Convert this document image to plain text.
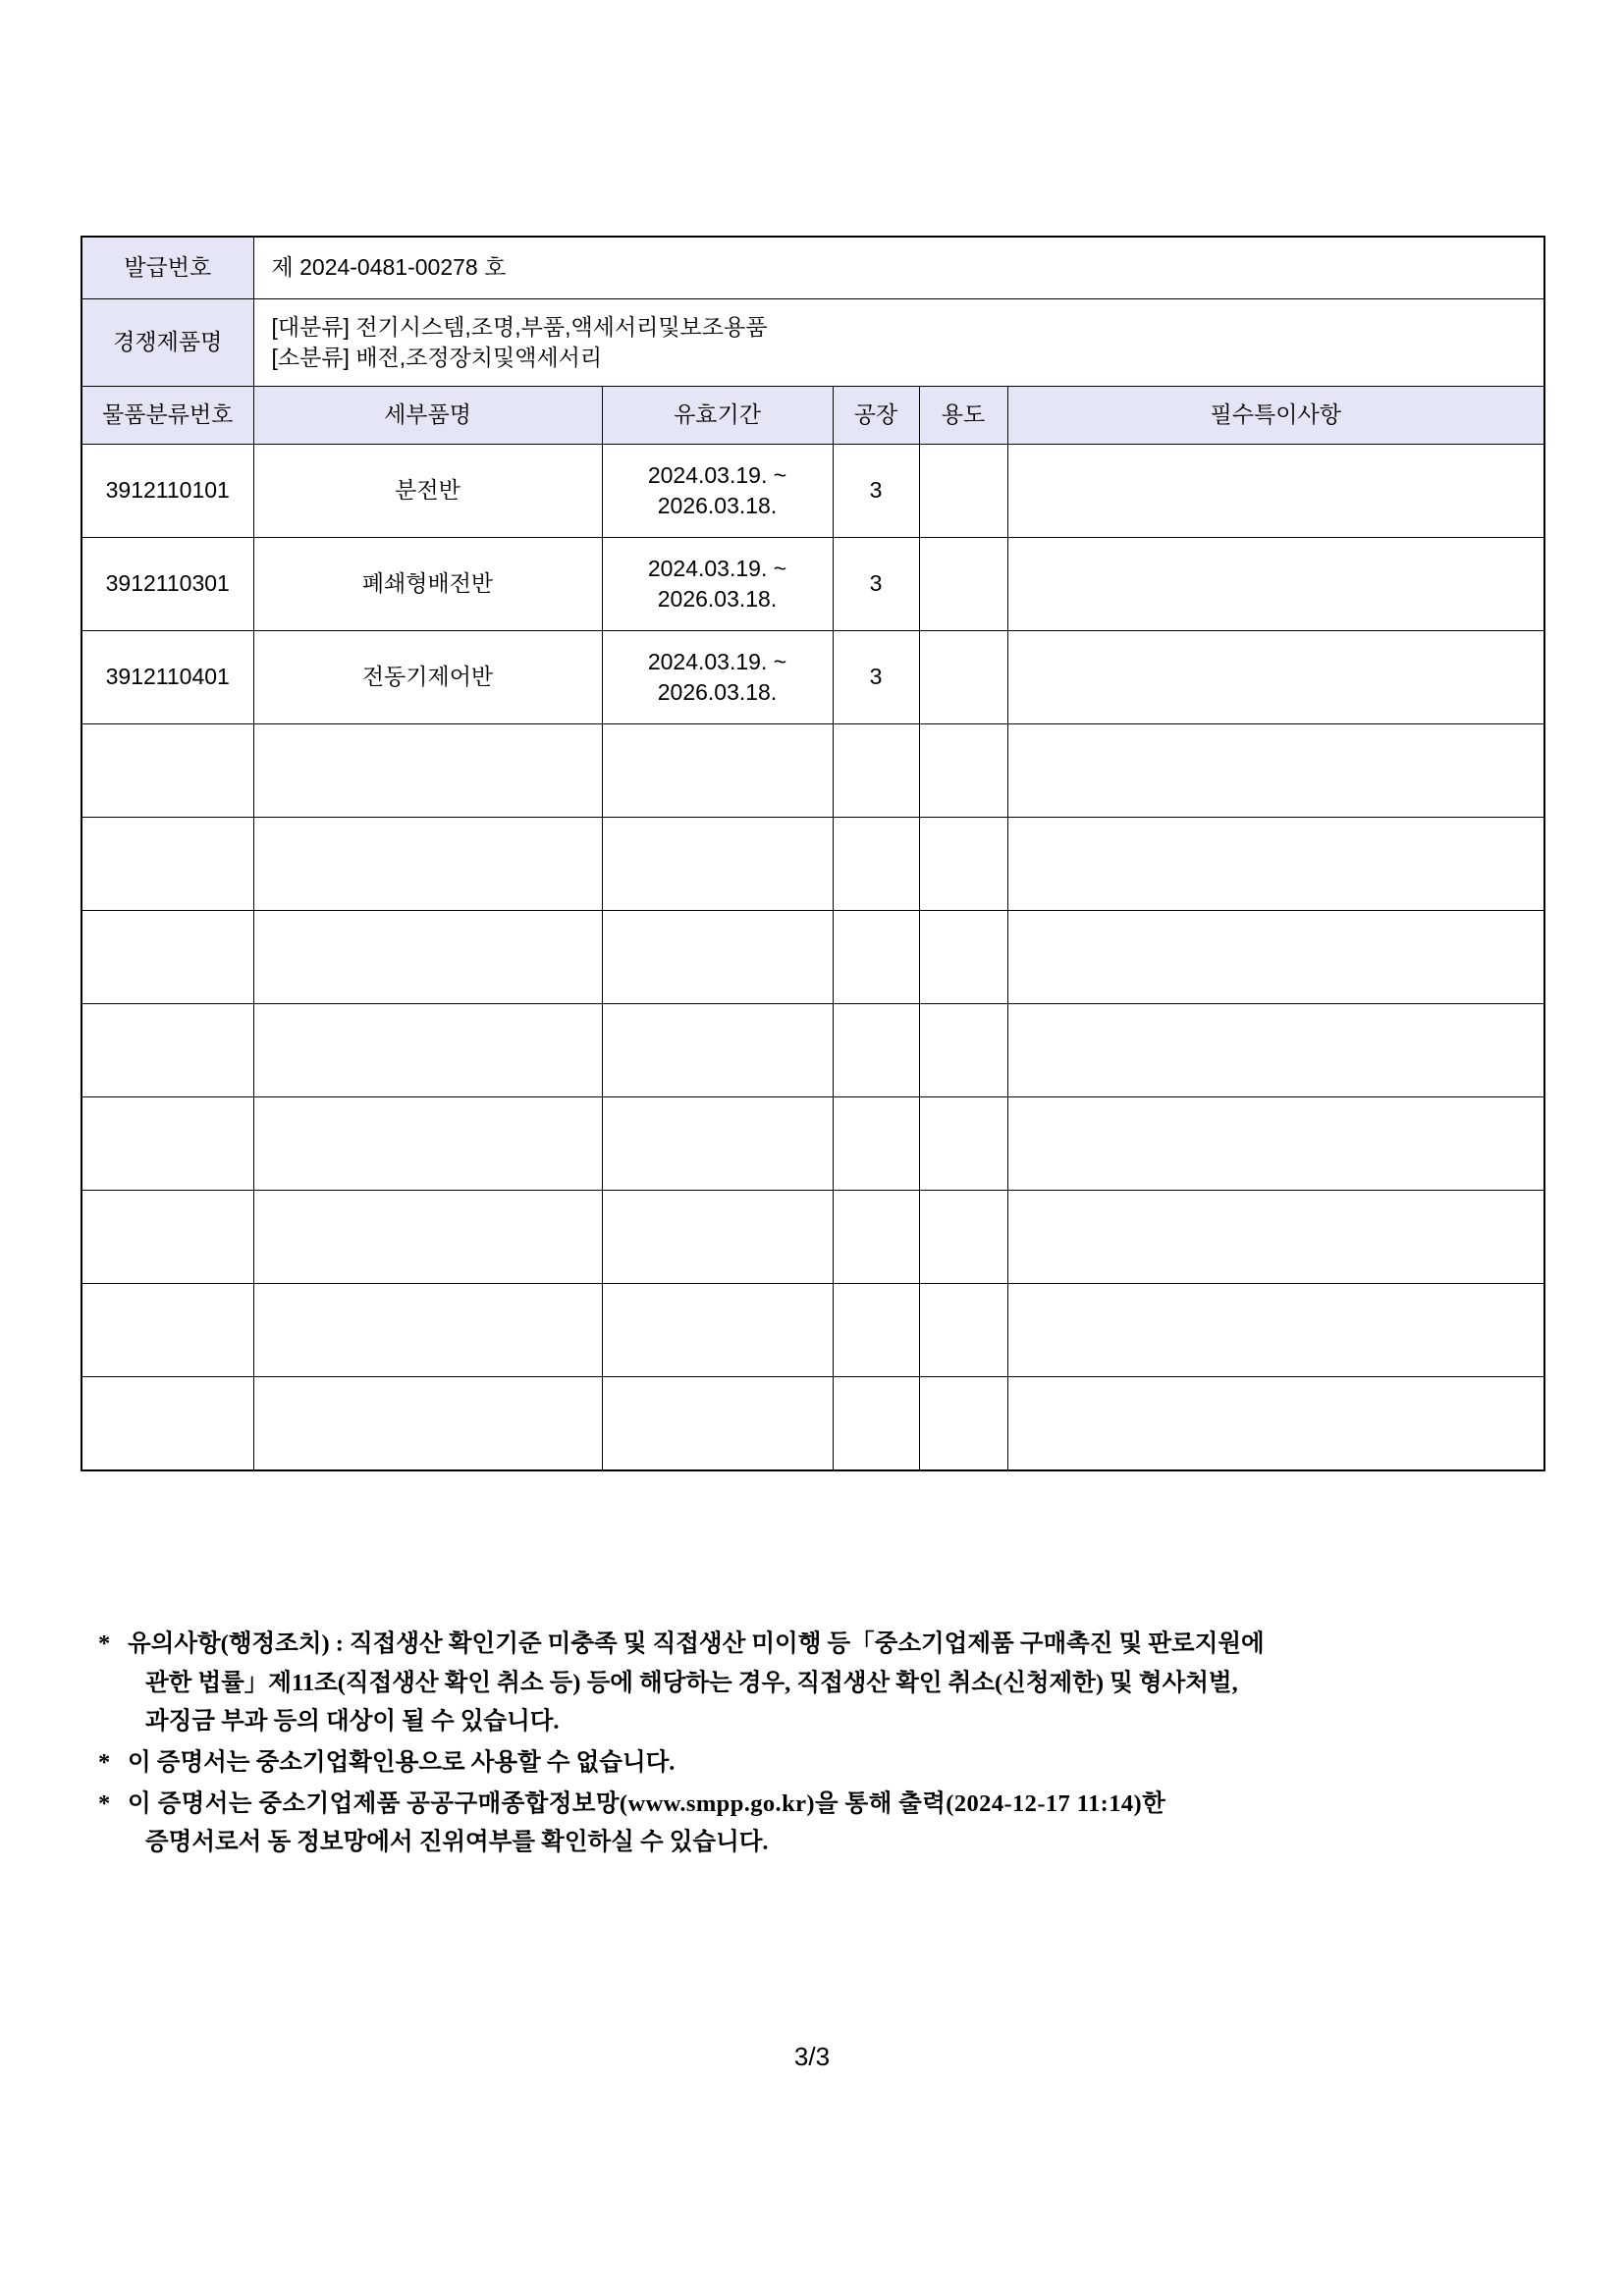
발급번호	제 2024-0481-00278 호				
경쟁제품명	[대분류] 전기시스템,조명,부품,액세서리및보조용품
[소분류] 배전,조정장치및액세서리				

물품분류번호	세부품명	유효기간	공장	용도	필수특이사항
3912110101	분전반	2024.03.19. ~ 2026.03.18.	3		
3912110301	폐쇄형배전반	2024.03.19. ~ 2026.03.18.	3		
3912110401	전동기제어반	2024.03.19. ~ 2026.03.18.	3		

* 유의사항(행정조치) : 직접생산 확인기준 미충족 및 직접생산 미이행 등「중소기업제품 구매촉진 및 판로지원에
관한 법률」제11조(직접생산 확인 취소 등) 등에 해당하는 경우, 직접생산 확인 취소(신청제한) 및 형사처벌,
과징금 부과 등의 대상이 될 수 있습니다.
* 이 증명서는 중소기업확인용으로 사용할 수 없습니다.
* 이 증명서는 중소기업제품 공공구매종합정보망(www.smpp.go.kr)을 통해 출력(2024-12-17 11:14)한
증명서로서 동 정보망에서 진위여부를 확인하실 수 있습니다.
3/3
